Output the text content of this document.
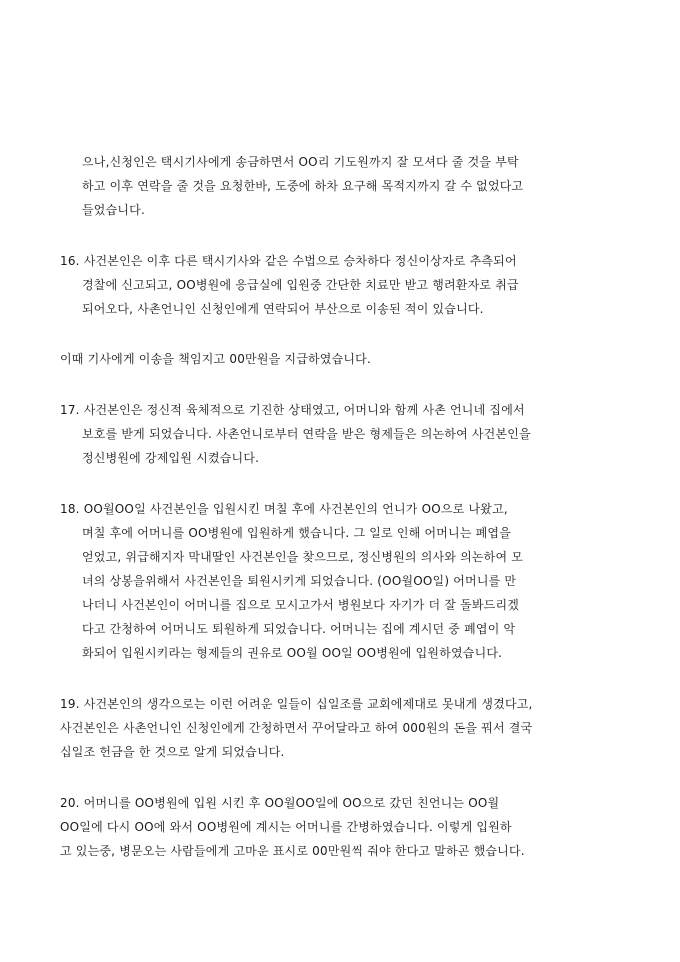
으나,신청인은 택시기사에게 송금하면서 OO리 기도원까지 잘 모셔다 줄 것을 부탁
하고 이후 연락을 줄 것을 요청한바, 도중에 하차 요구해 목적지까지 갈 수 없었다고
들었습니다.
16. 사건본인은 이후 다른 택시기사와 같은 수법으로 승차하다 정신이상자로 추측되어
경찰에 신고되고, OO병원에 응급실에 입원중 간단한 치료만 받고 행려환자로 취급
되어오다, 사촌언니인 신청인에게 연락되어 부산으로 이송된 적이 있습니다.
이때 기사에게 이송을 책임지고 00만원을 지급하였습니다.
17. 사건본인은 정신적 육체적으로 기진한 상태였고, 어머니와 함께 사촌 언니네 집에서
보호를 받게 되었습니다. 사촌언니로부터 연락을 받은 형제들은 의논하여 사건본인을
정신병원에 강제입원 시켰습니다.
18. OO월OO일 사건본인을 입원시킨 며칠 후에 사건본인의 언니가 OO으로 나왔고,
며칠 후에 어머니를 OO병원에 입원하게 했습니다. 그 일로 인해 어머니는 폐엽을
얻었고, 위급해지자 막내딸인 사건본인을 찾으므로, 정신병원의 의사와 의논하여 모
녀의 상봉을위해서 사건본인을 퇴원시키게 되었습니다. (OO월OO일) 어머니를 만
나더니 사건본인이 어머니를 집으로 모시고가서 병원보다 자기가 더 잘 돌봐드리겠
다고 간청하여 어머니도 퇴원하게 되었습니다. 어머니는 집에 계시던 중 폐엽이 악
화되어 입원시키라는 형제들의 권유로 OO월 OO일 OO병원에 입원하였습니다.
19. 사건본인의 생각으로는 이런 어려운 일들이 십일조를 교회에제대로 못내게 생겼다고,
사건본인은 사촌언니인 신청인에게 간청하면서 꾸어달라고 하여 000원의 돈을 꿔서 결국
십일조 헌금을 한 것으로 알게 되었습니다.
20. 어머니를 OO병원에 입원 시킨 후 OO월OO일에 OO으로 갔던 친언니는 OO월
OO일에 다시 OO에 와서 OO병원에 계시는 어머니를 간병하였습니다. 이렇게 입원하
고 있는중, 병문오는 사람들에게 고마운 표시로 00만원씩 줘야 한다고 말하곤 했습니다.
